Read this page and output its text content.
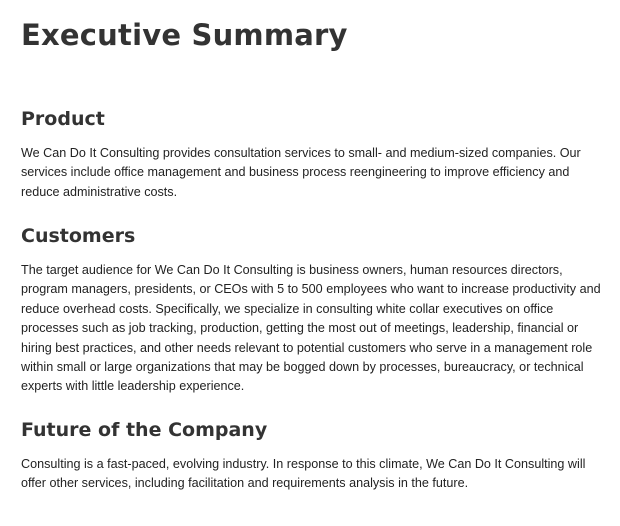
Executive Summary
Product

We Can Do It Consulting provides consultation services to small- and medium-sized companies. Our services include office management and business process reengineering to improve efficiency and reduce administrative costs.

Customers

The target audience for We Can Do It Consulting is business owners, human resources directors, program managers, presidents, or CEOs with 5 to 500 employees who want to increase productivity and reduce overhead costs. Specifically, we specialize in consulting white collar executives on office processes such as job tracking, production, getting the most out of meetings, leadership, financial or hiring best practices, and other needs relevant to potential customers who serve in a management role within small or large organizations that may be bogged down by processes, bureaucracy, or technical experts with little leadership experience.

Future of the Company

Consulting is a fast-paced, evolving industry. In response to this climate, We Can Do It Consulting will offer other services, including facilitation and requirements analysis in the future.
